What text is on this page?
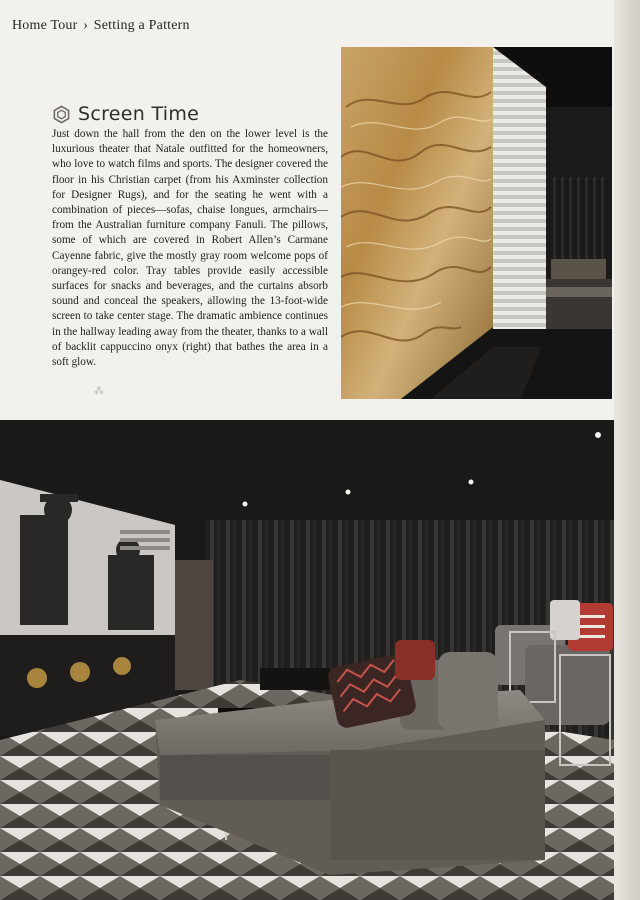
Home Tour › Setting a Pattern
Screen Time
Just down the hall from the den on the lower level is the luxurious theater that Natale outfitted for the homeowners, who love to watch films and sports. The designer covered the floor in his Christian carpet (from his Axminster collection for Designer Rugs), and for the seating he went with a combination of pieces—sofas, chaise longues, armchairs—from the Australian furniture company Fanuli. The pillows, some of which are covered in Robert Allen’s Carmane Cayenne fabric, give the mostly gray room welcome pops of orangey-red color. Tray tables provide easily accessible surfaces for snacks and beverages, and the curtains absorb sound and conceal the speakers, allowing the 13-foot-wide screen to take center stage. The dramatic ambience continues in the hallway leading away from the theater, thanks to a wall of backlit cappuccino onyx (right) that bathes the area in a soft glow.
⁂
